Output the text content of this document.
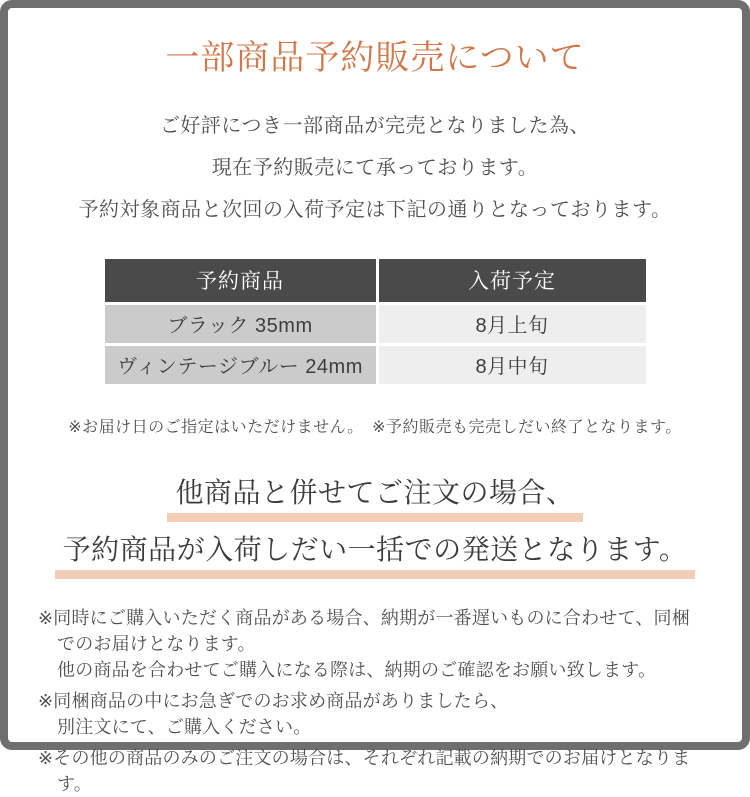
一部商品予約販売について
ご好評につき一部商品が完売となりました為、
現在予約販売にて承っております。
予約対象商品と次回の入荷予定は下記の通りとなっております。
予約商品	入荷予定
ブラック 35mm	8月上旬
ヴィンテージブルー 24mm	8月中旬
※お届け日のご指定はいただけません。　※予約販売も完売しだい終了となります。
他商品と併せてご注文の場合、
予約商品が入荷しだい一括での発送となります。
※同時にご購入いただく商品がある場合、納期が一番遅いものに合わせて、同梱
でのお届けとなります。
他の商品を合わせてご購入になる際は、納期のご確認をお願い致します。
※同梱商品の中にお急ぎでのお求め商品がありましたら、
別注文にて、ご購入ください。
※その他の商品のみのご注文の場合は、それぞれ記載の納期でのお届けとなりま
す。
